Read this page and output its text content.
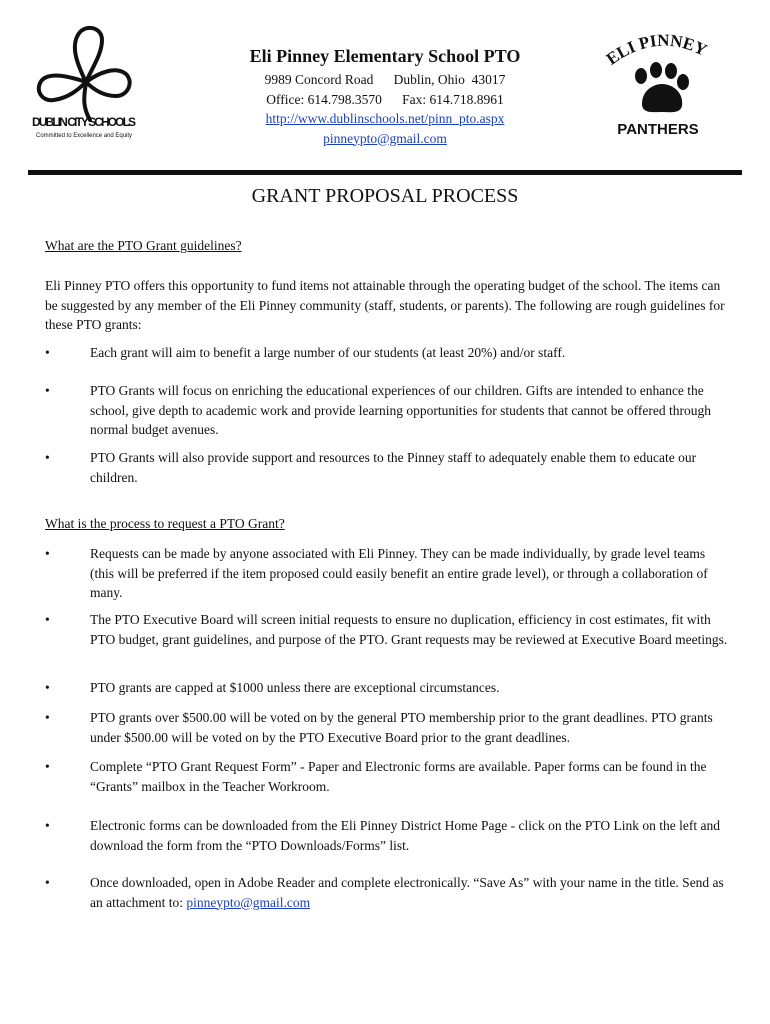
DUBLIN CITY SCHOOLS
Committed to Excellence and Equity
ELI PINNEY
PANTHERS
Eli Pinney Elementary School PTO
9989 Concord Road      Dublin, Ohio  43017
Office: 614.798.3570      Fax: 614.718.8961
http://www.dublinschools.net/pinn_pto.aspx
pinneypto@gmail.com
GRANT PROPOSAL PROCESS
What are the PTO Grant guidelines?
Eli Pinney PTO offers this opportunity to fund items not attainable through the operating budget of the school. The items can be suggested by any member of the Eli Pinney community (staff, students, or parents). The following are rough guidelines for these PTO grants:
•	Each grant will aim to benefit a large number of our students (at least 20%) and/or staff.
•	PTO Grants will focus on enriching the educational experiences of our children. Gifts are intended to enhance the school, give depth to academic work and provide learning opportunities for students that cannot be offered through normal budget avenues.
•	PTO Grants will also provide support and resources to the Pinney staff to adequately enable them to educate our children.
What is the process to request a PTO Grant?
•	Requests can be made by anyone associated with Eli Pinney. They can be made individually, by grade level teams (this will be preferred if the item proposed could easily benefit an entire grade level), or through a collaboration of many.
•	The PTO Executive Board will screen initial requests to ensure no duplication, efficiency in cost estimates, fit with PTO budget, grant guidelines, and purpose of the PTO. Grant requests may be reviewed at Executive Board meetings.
•	PTO grants are capped at $1000 unless there are exceptional circumstances.
•	PTO grants over $500.00 will be voted on by the general PTO membership prior to the grant deadlines. PTO grants under $500.00 will be voted on by the PTO Executive Board prior to the grant deadlines.
•	Complete “PTO Grant Request Form” - Paper and Electronic forms are available. Paper forms can be found in the “Grants” mailbox in the Teacher Workroom.
•	Electronic forms can be downloaded from the Eli Pinney District Home Page - click on the PTO Link on the left and download the form from the “PTO Downloads/Forms” list.
•	Once downloaded, open in Adobe Reader and complete electronically. “Save As” with your name in the title. Send as an attachment to: pinneypto@gmail.com
